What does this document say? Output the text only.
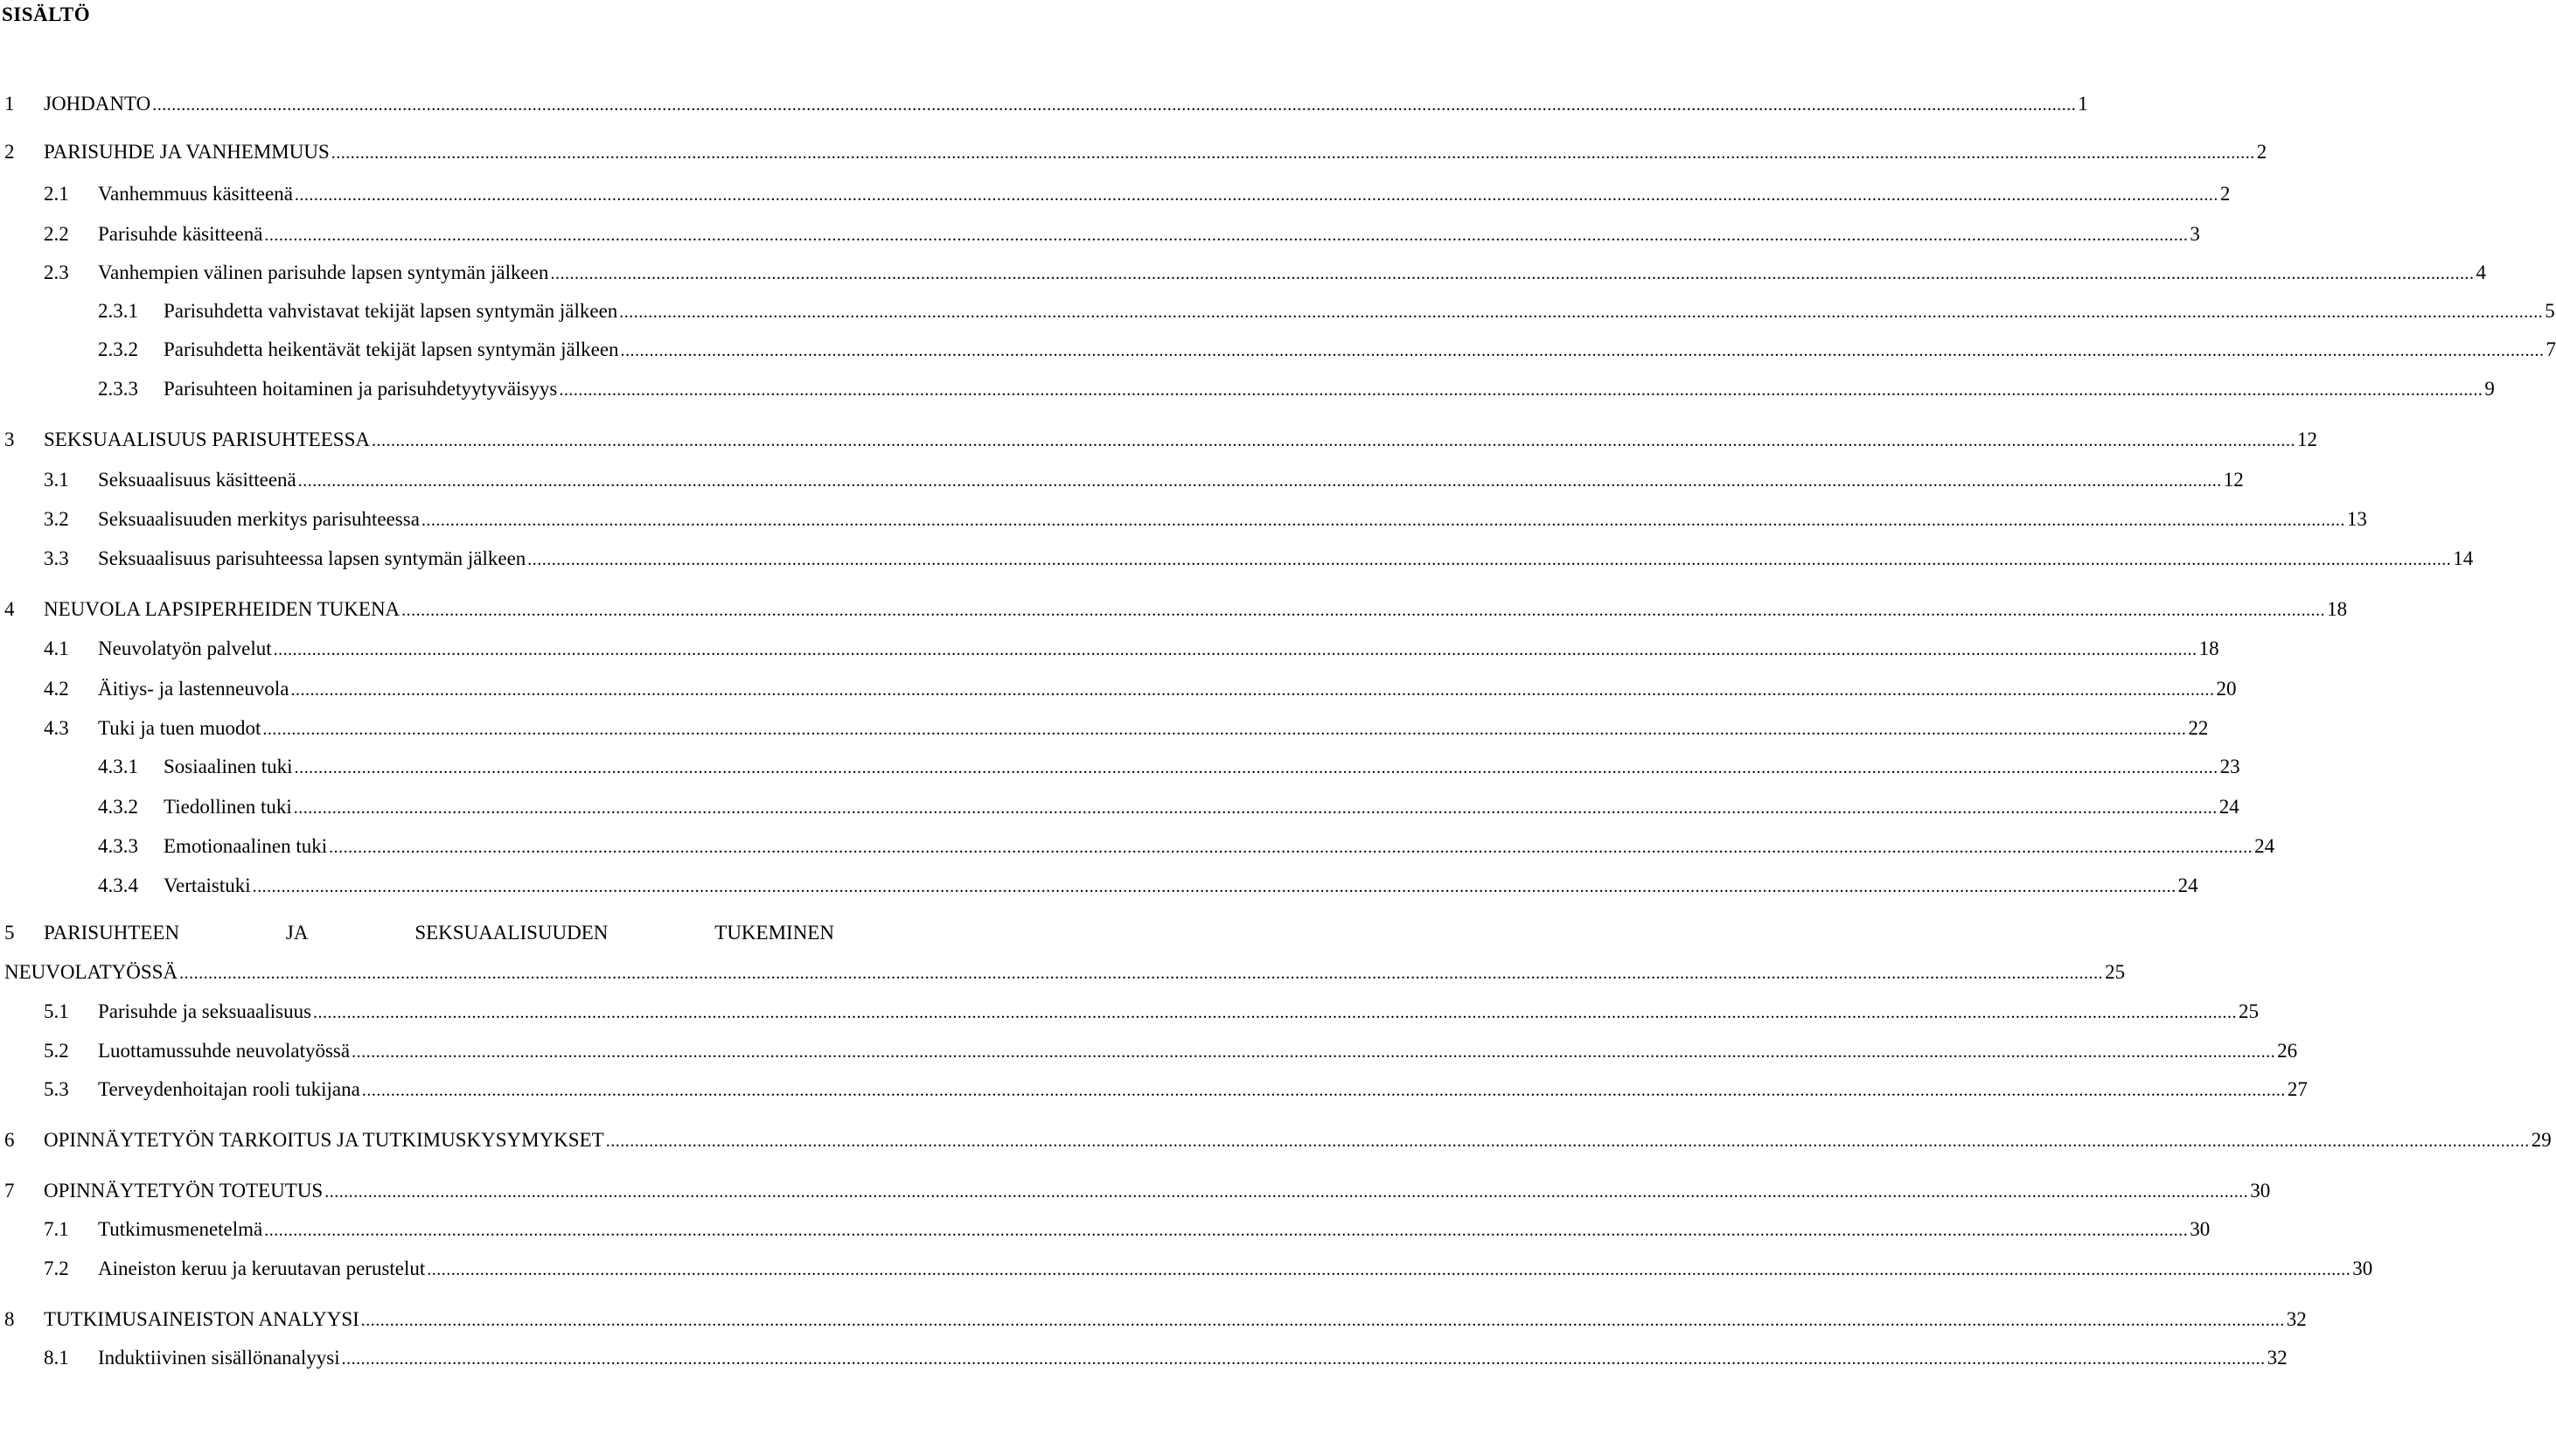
SISÄLTÖ
1 JOHDANTO ................................................................................................................................................................................................................................................................................................................................................................................................................ 1
2 PARISUHDE JA VANHEMMUUS ................................................................................................................................................................................................................................................................................................................................................................................................................ 2
2.1 Vanhemmuus käsitteenä ................................................................................................................................................................................................................................................................................................................................................................................................................ 2
2.2 Parisuhde käsitteenä ................................................................................................................................................................................................................................................................................................................................................................................................................ 3
2.3 Vanhempien välinen parisuhde lapsen syntymän jälkeen ................................................................................................................................................................................................................................................................................................................................................................................................................ 4
2.3.1 Parisuhdetta vahvistavat tekijät lapsen syntymän jälkeen ................................................................................................................................................................................................................................................................................................................................................................................................................ 5
2.3.2 Parisuhdetta heikentävät tekijät lapsen syntymän jälkeen ................................................................................................................................................................................................................................................................................................................................................................................................................ 7
2.3.3 Parisuhteen hoitaminen ja parisuhdetyytyväisyys ................................................................................................................................................................................................................................................................................................................................................................................................................ 9
3 SEKSUAALISUUS PARISUHTEESSA ................................................................................................................................................................................................................................................................................................................................................................................................................ 12
3.1 Seksuaalisuus käsitteenä ................................................................................................................................................................................................................................................................................................................................................................................................................ 12
3.2 Seksuaalisuuden merkitys parisuhteessa ................................................................................................................................................................................................................................................................................................................................................................................................................ 13
3.3 Seksuaalisuus parisuhteessa lapsen syntymän jälkeen ................................................................................................................................................................................................................................................................................................................................................................................................................ 14
4 NEUVOLA LAPSIPERHEIDEN TUKENA ................................................................................................................................................................................................................................................................................................................................................................................................................ 18
4.1 Neuvolatyön palvelut ................................................................................................................................................................................................................................................................................................................................................................................................................ 18
4.2 Äitiys- ja lastenneuvola ................................................................................................................................................................................................................................................................................................................................................................................................................ 20
4.3 Tuki ja tuen muodot ................................................................................................................................................................................................................................................................................................................................................................................................................ 22
4.3.1 Sosiaalinen tuki ................................................................................................................................................................................................................................................................................................................................................................................................................ 23
4.3.2 Tiedollinen tuki ................................................................................................................................................................................................................................................................................................................................................................................................................ 24
4.3.3 Emotionaalinen tuki ................................................................................................................................................................................................................................................................................................................................................................................................................ 24
4.3.4 Vertaistuki ................................................................................................................................................................................................................................................................................................................................................................................................................ 24
5 PARISUHTEEN	JA	SEKSUAALISUUDEN	TUKEMINEN
NEUVOLATYÖSSÄ ................................................................................................................................................................................................................................................................................................................................................................................................................ 25
5.1 Parisuhde ja seksuaalisuus ................................................................................................................................................................................................................................................................................................................................................................................................................ 25
5.2 Luottamussuhde neuvolatyössä ................................................................................................................................................................................................................................................................................................................................................................................................................ 26
5.3 Terveydenhoitajan rooli tukijana ................................................................................................................................................................................................................................................................................................................................................................................................................ 27
6 OPINNÄYTETYÖN TARKOITUS JA TUTKIMUSKYSYMYKSET ................................................................................................................................................................................................................................................................................................................................................................................................................ 29
7 OPINNÄYTETYÖN TOTEUTUS ................................................................................................................................................................................................................................................................................................................................................................................................................ 30
7.1 Tutkimusmenetelmä ................................................................................................................................................................................................................................................................................................................................................................................................................ 30
7.2 Aineiston keruu ja keruutavan perustelut ................................................................................................................................................................................................................................................................................................................................................................................................................ 30
8 TUTKIMUSAINEISTON ANALYYSI ................................................................................................................................................................................................................................................................................................................................................................................................................ 32
8.1 Induktiivinen sisällönanalyysi ................................................................................................................................................................................................................................................................................................................................................................................................................ 32
